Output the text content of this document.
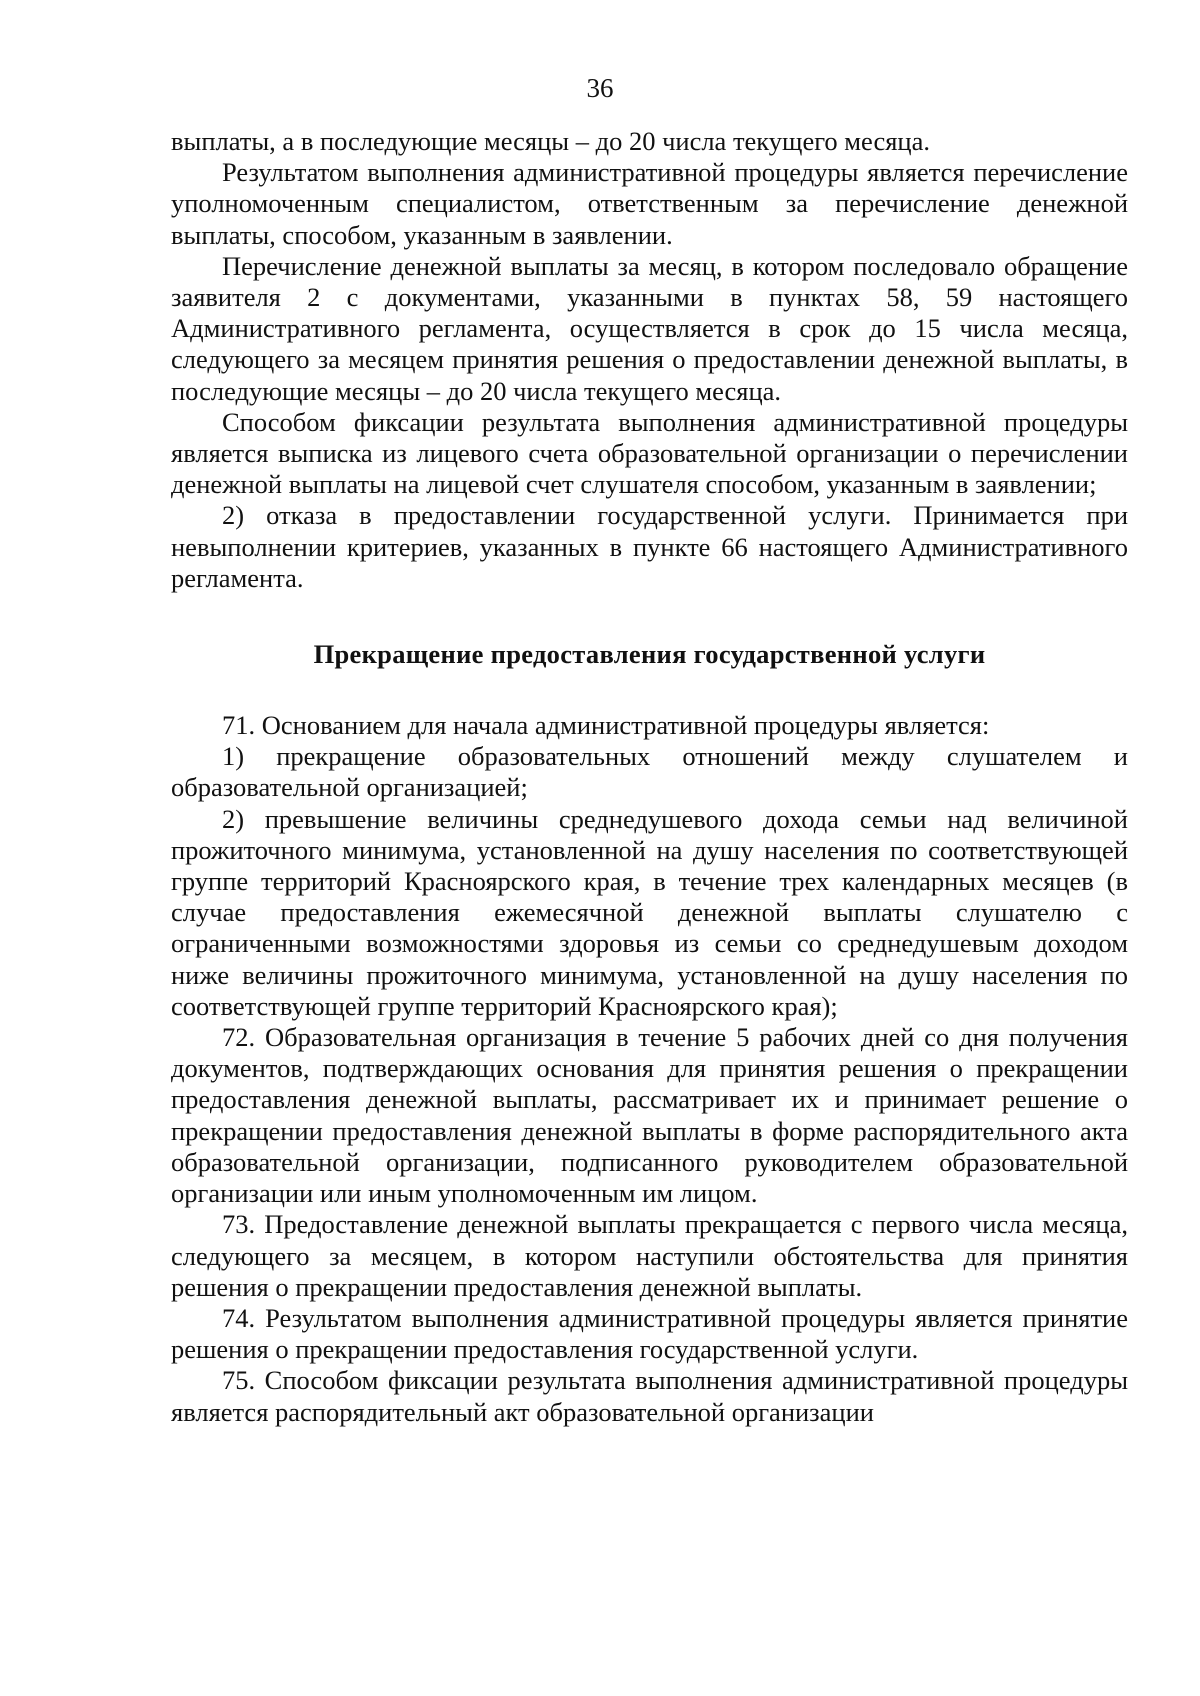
36

выплаты, а в последующие месяцы – до 20 числа текущего месяца.

Результатом выполнения административной процедуры является перечисление уполномоченным специалистом, ответственным за перечисление денежной выплаты, способом, указанным в заявлении.

Перечисление денежной выплаты за месяц, в котором последовало обращение заявителя 2 с документами, указанными в пунктах 58, 59 настоящего Административного регламента, осуществляется в срок до 15 числа месяца, следующего за месяцем принятия решения о предоставлении денежной выплаты, в последующие месяцы – до 20 числа текущего месяца.

Способом фиксации результата выполнения административной процедуры является выписка из лицевого счета образовательной организации о перечислении денежной выплаты на лицевой счет слушателя способом, указанным в заявлении;

2) отказа в предоставлении государственной услуги. Принимается при невыполнении критериев, указанных в пункте 66 настоящего Административного регламента.

Прекращение предоставления государственной услуги

71. Основанием для начала административной процедуры является:

1) прекращение образовательных отношений между слушателем и образовательной организацией;

2) превышение величины среднедушевого дохода семьи над величиной прожиточного минимума, установленной на душу населения по соответствующей группе территорий Красноярского края, в течение трех календарных месяцев (в случае предоставления ежемесячной денежной выплаты слушателю с ограниченными возможностями здоровья из семьи со среднедушевым доходом ниже величины прожиточного минимума, установленной на душу населения по соответствующей группе территорий Красноярского края);

72. Образовательная организация в течение 5 рабочих дней со дня получения документов, подтверждающих основания для принятия решения о прекращении предоставления денежной выплаты, рассматривает их и принимает решение о прекращении предоставления денежной выплаты в форме распорядительного акта образовательной организации, подписанного руководителем образовательной организации или иным уполномоченным им лицом.

73. Предоставление денежной выплаты прекращается с первого числа месяца, следующего за месяцем, в котором наступили обстоятельства для принятия решения о прекращении предоставления денежной выплаты.

74. Результатом выполнения административной процедуры является принятие решения о прекращении предоставления государственной услуги.

75. Способом фиксации результата выполнения административной процедуры является распорядительный акт образовательной организации
